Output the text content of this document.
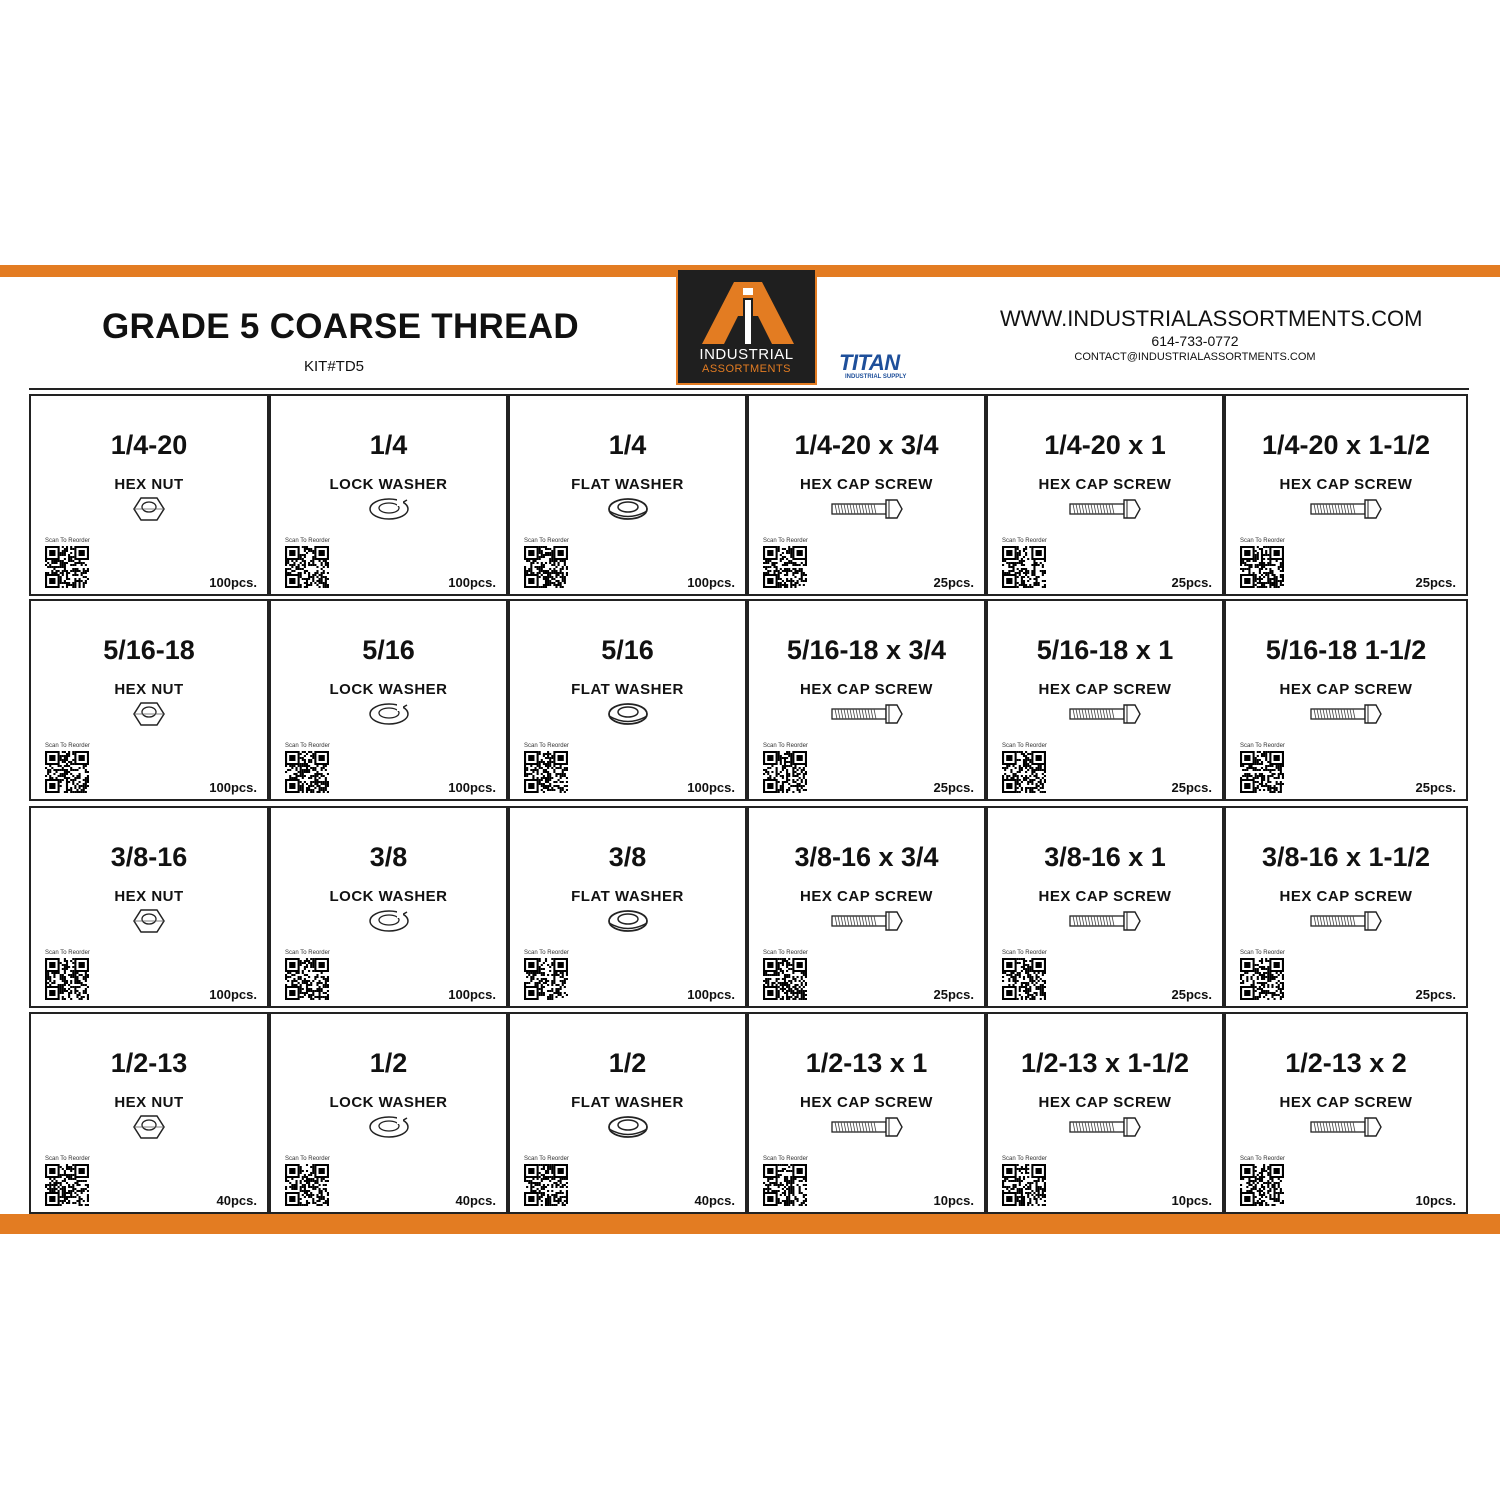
GRADE 5 COARSE THREAD
KIT#TD5
INDUSTRIAL
ASSORTMENTS	TITAN
INDUSTRIAL SUPPLY
WWW.INDUSTRIALASSORTMENTS.COM
614-733-0772
CONTACT@INDUSTRIALASSORTMENTS.COM
1/4-20
HEX NUT
Scan To Reorder
100pcs.
1/4
LOCK WASHER
Scan To Reorder
100pcs.
1/4
FLAT WASHER
Scan To Reorder
100pcs.
1/4-20 x 3/4
HEX CAP SCREW
Scan To Reorder
25pcs.
1/4-20 x 1
HEX CAP SCREW
Scan To Reorder
25pcs.
1/4-20 x 1-1/2
HEX CAP SCREW
Scan To Reorder
25pcs.
5/16-18
HEX NUT
Scan To Reorder
100pcs.
5/16
LOCK WASHER
Scan To Reorder
100pcs.
5/16
FLAT WASHER
Scan To Reorder
100pcs.
5/16-18 x 3/4
HEX CAP SCREW
Scan To Reorder
25pcs.
5/16-18 x 1
HEX CAP SCREW
Scan To Reorder
25pcs.
5/16-18 1-1/2
HEX CAP SCREW
Scan To Reorder
25pcs.
3/8-16
HEX NUT
Scan To Reorder
100pcs.
3/8
LOCK WASHER
Scan To Reorder
100pcs.
3/8
FLAT WASHER
Scan To Reorder
100pcs.
3/8-16 x 3/4
HEX CAP SCREW
Scan To Reorder
25pcs.
3/8-16 x 1
HEX CAP SCREW
Scan To Reorder
25pcs.
3/8-16 x 1-1/2
HEX CAP SCREW
Scan To Reorder
25pcs.
1/2-13
HEX NUT
Scan To Reorder
40pcs.
1/2
LOCK WASHER
Scan To Reorder
40pcs.
1/2
FLAT WASHER
Scan To Reorder
40pcs.
1/2-13 x 1
HEX CAP SCREW
Scan To Reorder
10pcs.
1/2-13 x 1-1/2
HEX CAP SCREW
Scan To Reorder
10pcs.
1/2-13 x 2
HEX CAP SCREW
Scan To Reorder
10pcs.
